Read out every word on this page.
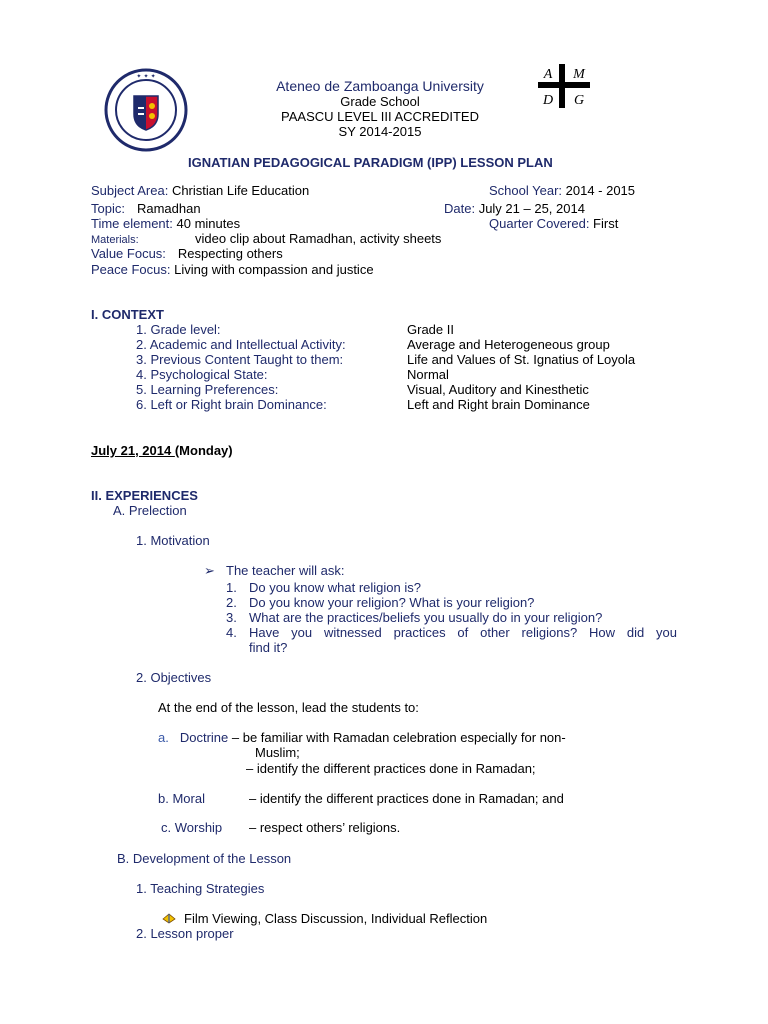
✦ ✦ ✦	A M
D G
Ateneo de Zamboanga University
Grade School
PAASCU LEVEL III ACCREDITED
SY 2014-2015
IGNATIAN PEDAGOGICAL PARADIGM (IPP) LESSON PLAN
Subject Area: Christian Life Education	School Year: 2014 - 2015
Topic: Ramadhan	Date: July 21 – 25, 2014
Time element: 40 minutes	Quarter Covered: First
Materials:	video clip about Ramadhan, activity sheets
Value Focus: Respecting others
Peace Focus: Living with compassion and justice
I. CONTEXT
1. Grade level:	Grade II
2. Academic and Intellectual Activity:	Average and Heterogeneous group
3. Previous Content Taught to them:	Life and Values of St. Ignatius of Loyola
4. Psychological State:	Normal
5. Learning Preferences:	Visual, Auditory and Kinesthetic
6. Left or Right brain Dominance:	Left and Right brain Dominance
July 21, 2014 (Monday)
II. EXPERIENCES
A. Prelection
1. Motivation
➢ The teacher will ask:
1. Do you know what religion is?
2. Do you know your religion? What is your religion?
3. What are the practices/beliefs you usually do in your religion?
4. Have you witnessed practices of other religions? How did you
find it?
2. Objectives
At the end of the lesson, lead the students to:
a. Doctrine – be familiar with Ramadan celebration especially for non-
Muslim;
– identify the different practices done in Ramadan;
b. Moral	– identify the different practices done in Ramadan; and
c. Worship – respect others’ religions.
B. Development of the Lesson
1. Teaching Strategies
Film Viewing, Class Discussion, Individual Reflection
2. Lesson proper
